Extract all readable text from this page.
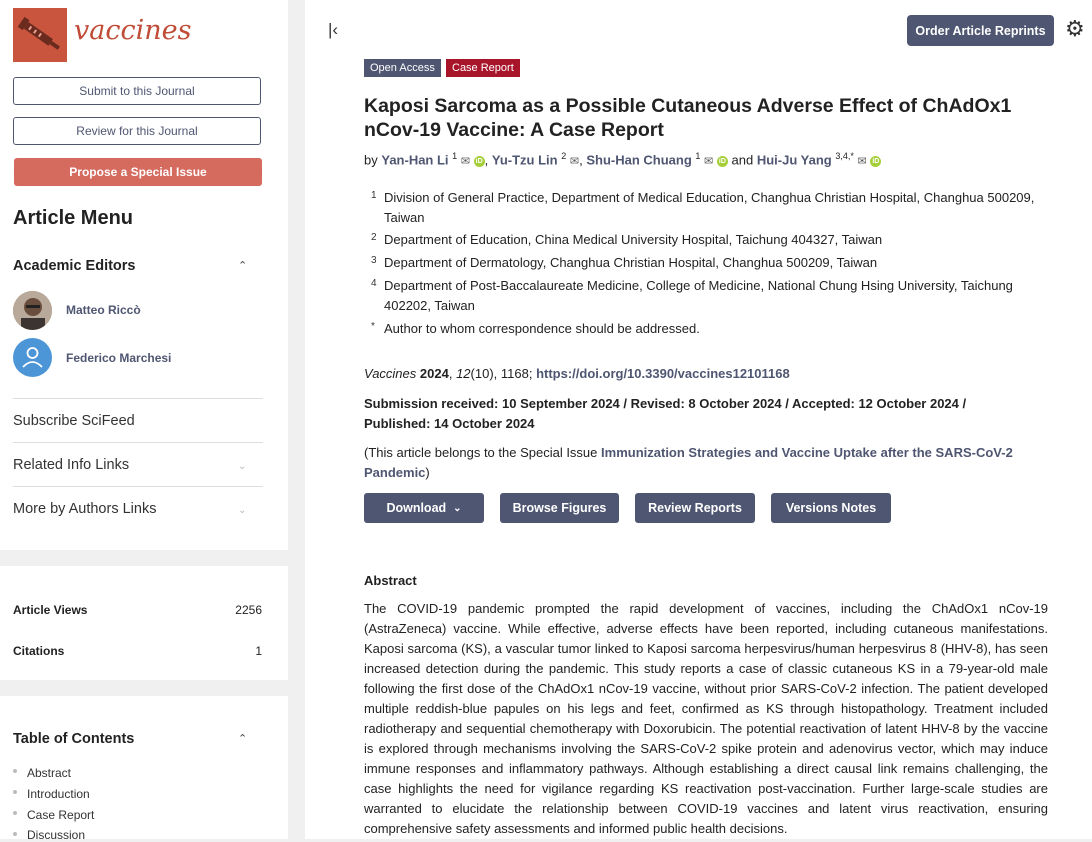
vaccines
Submit to this Journal
Review for this Journal
Propose a Special Issue
Article Menu
Academic Editors	⌃
Matteo Riccò
Federico Marchesi
Subscribe SciFeed
Related Info Links	⌄
More by Authors Links	⌄
Article Views	2256
Citations	1
Table of Contents	⌃
Abstract
Introduction
Case Report
Discussion
|‹	Order Article Reprints ⚙
Open Access	Case Report
Kaposi Sarcoma as a Possible Cutaneous Adverse Effect of ChAdOx1 nCov-19 Vaccine: A Case Report
by Yan-Han Li $^1$ ✉ iD , Yu-Tzu Lin $^2$ ✉, Shu-Han Chuang $^1$ ✉ iD and Hui-Ju Yang $^{3,4,*}$ ✉ iD
1 Division of General Practice, Department of Medical Education, Changhua Christian Hospital, Changhua 500209, Taiwan
2 Department of Education, China Medical University Hospital, Taichung 404327, Taiwan
3 Department of Dermatology, Changhua Christian Hospital, Changhua 500209, Taiwan
4 Department of Post-Baccalaureate Medicine, College of Medicine, National Chung Hsing University, Taichung 402202, Taiwan
* Author to whom correspondence should be addressed.
Vaccines 2024, 12(10), 1168; https://doi.org/10.3390/vaccines12101168
Submission received: 10 September 2024 / Revised: 8 October 2024 / Accepted: 12 October 2024 / Published: 14 October 2024
(This article belongs to the Special Issue Immunization Strategies and Vaccine Uptake after the SARS-CoV-2 Pandemic)
Download ⌄	Browse Figures	Review Reports	Versions Notes
Abstract
The COVID-19 pandemic prompted the rapid development of vaccines, including the ChAdOx1 nCov-19 (AstraZeneca) vaccine. While effective, adverse effects have been reported, including cutaneous manifestations. Kaposi sarcoma (KS), a vascular tumor linked to Kaposi sarcoma herpesvirus/human herpesvirus 8 (HHV-8), has seen increased detection during the pandemic. This study reports a case of classic cutaneous KS in a 79-year-old male following the first dose of the ChAdOx1 nCov-19 vaccine, without prior SARS-CoV-2 infection. The patient developed multiple reddish-blue papules on his legs and feet, confirmed as KS through histopathology. Treatment included radiotherapy and sequential chemotherapy with Doxorubicin. The potential reactivation of latent HHV-8 by the vaccine is explored through mechanisms involving the SARS-CoV-2 spike protein and adenovirus vector, which may induce immune responses and inflammatory pathways. Although establishing a direct causal link remains challenging, the case highlights the need for vigilance regarding KS reactivation post-vaccination. Further large-scale studies are warranted to elucidate the relationship between COVID-19 vaccines and latent virus reactivation, ensuring comprehensive safety assessments and informed public health decisions.
